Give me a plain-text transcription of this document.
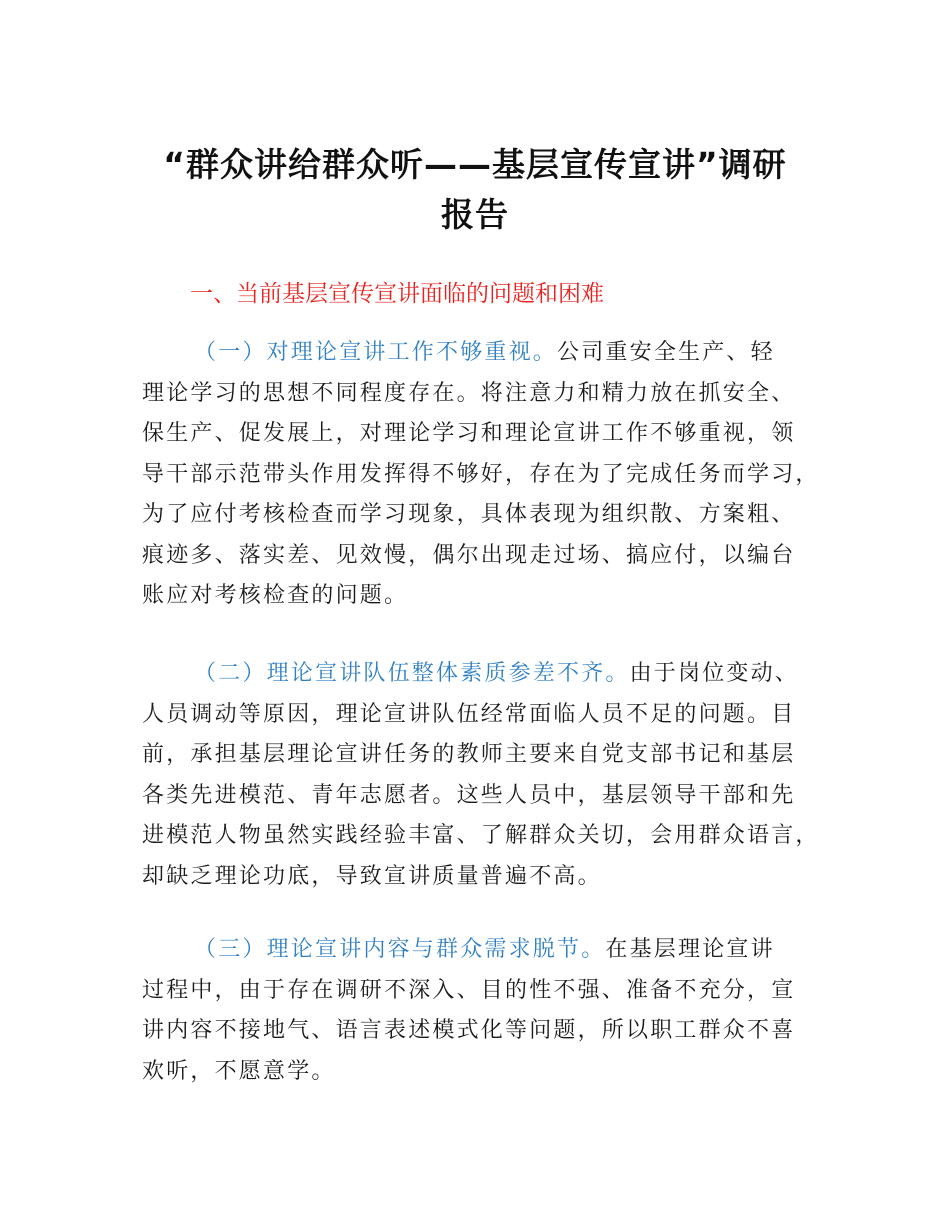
“群众讲给群众听——基层宣传宣讲”调研
报告
一、当前基层宣传宣讲面临的问题和困难
（一）对理论宣讲工作不够重视。公司重安全生产、轻
理论学习的思想不同程度存在。将注意力和精力放在抓安全、
保生产、促发展上，对理论学习和理论宣讲工作不够重视，领
导干部示范带头作用发挥得不够好，存在为了完成任务而学习，
为了应付考核检查而学习现象，具体表现为组织散、方案粗、
痕迹多、落实差、见效慢，偶尔出现走过场、搞应付，以编台
账应对考核检查的问题。
（二）理论宣讲队伍整体素质参差不齐。由于岗位变动、
人员调动等原因，理论宣讲队伍经常面临人员不足的问题。目
前，承担基层理论宣讲任务的教师主要来自党支部书记和基层
各类先进模范、青年志愿者。这些人员中，基层领导干部和先
进模范人物虽然实践经验丰富、了解群众关切，会用群众语言，
却缺乏理论功底，导致宣讲质量普遍不高。
（三）理论宣讲内容与群众需求脱节。在基层理论宣讲
过程中，由于存在调研不深入、目的性不强、准备不充分，宣
讲内容不接地气、语言表述模式化等问题，所以职工群众不喜
欢听，不愿意学。
